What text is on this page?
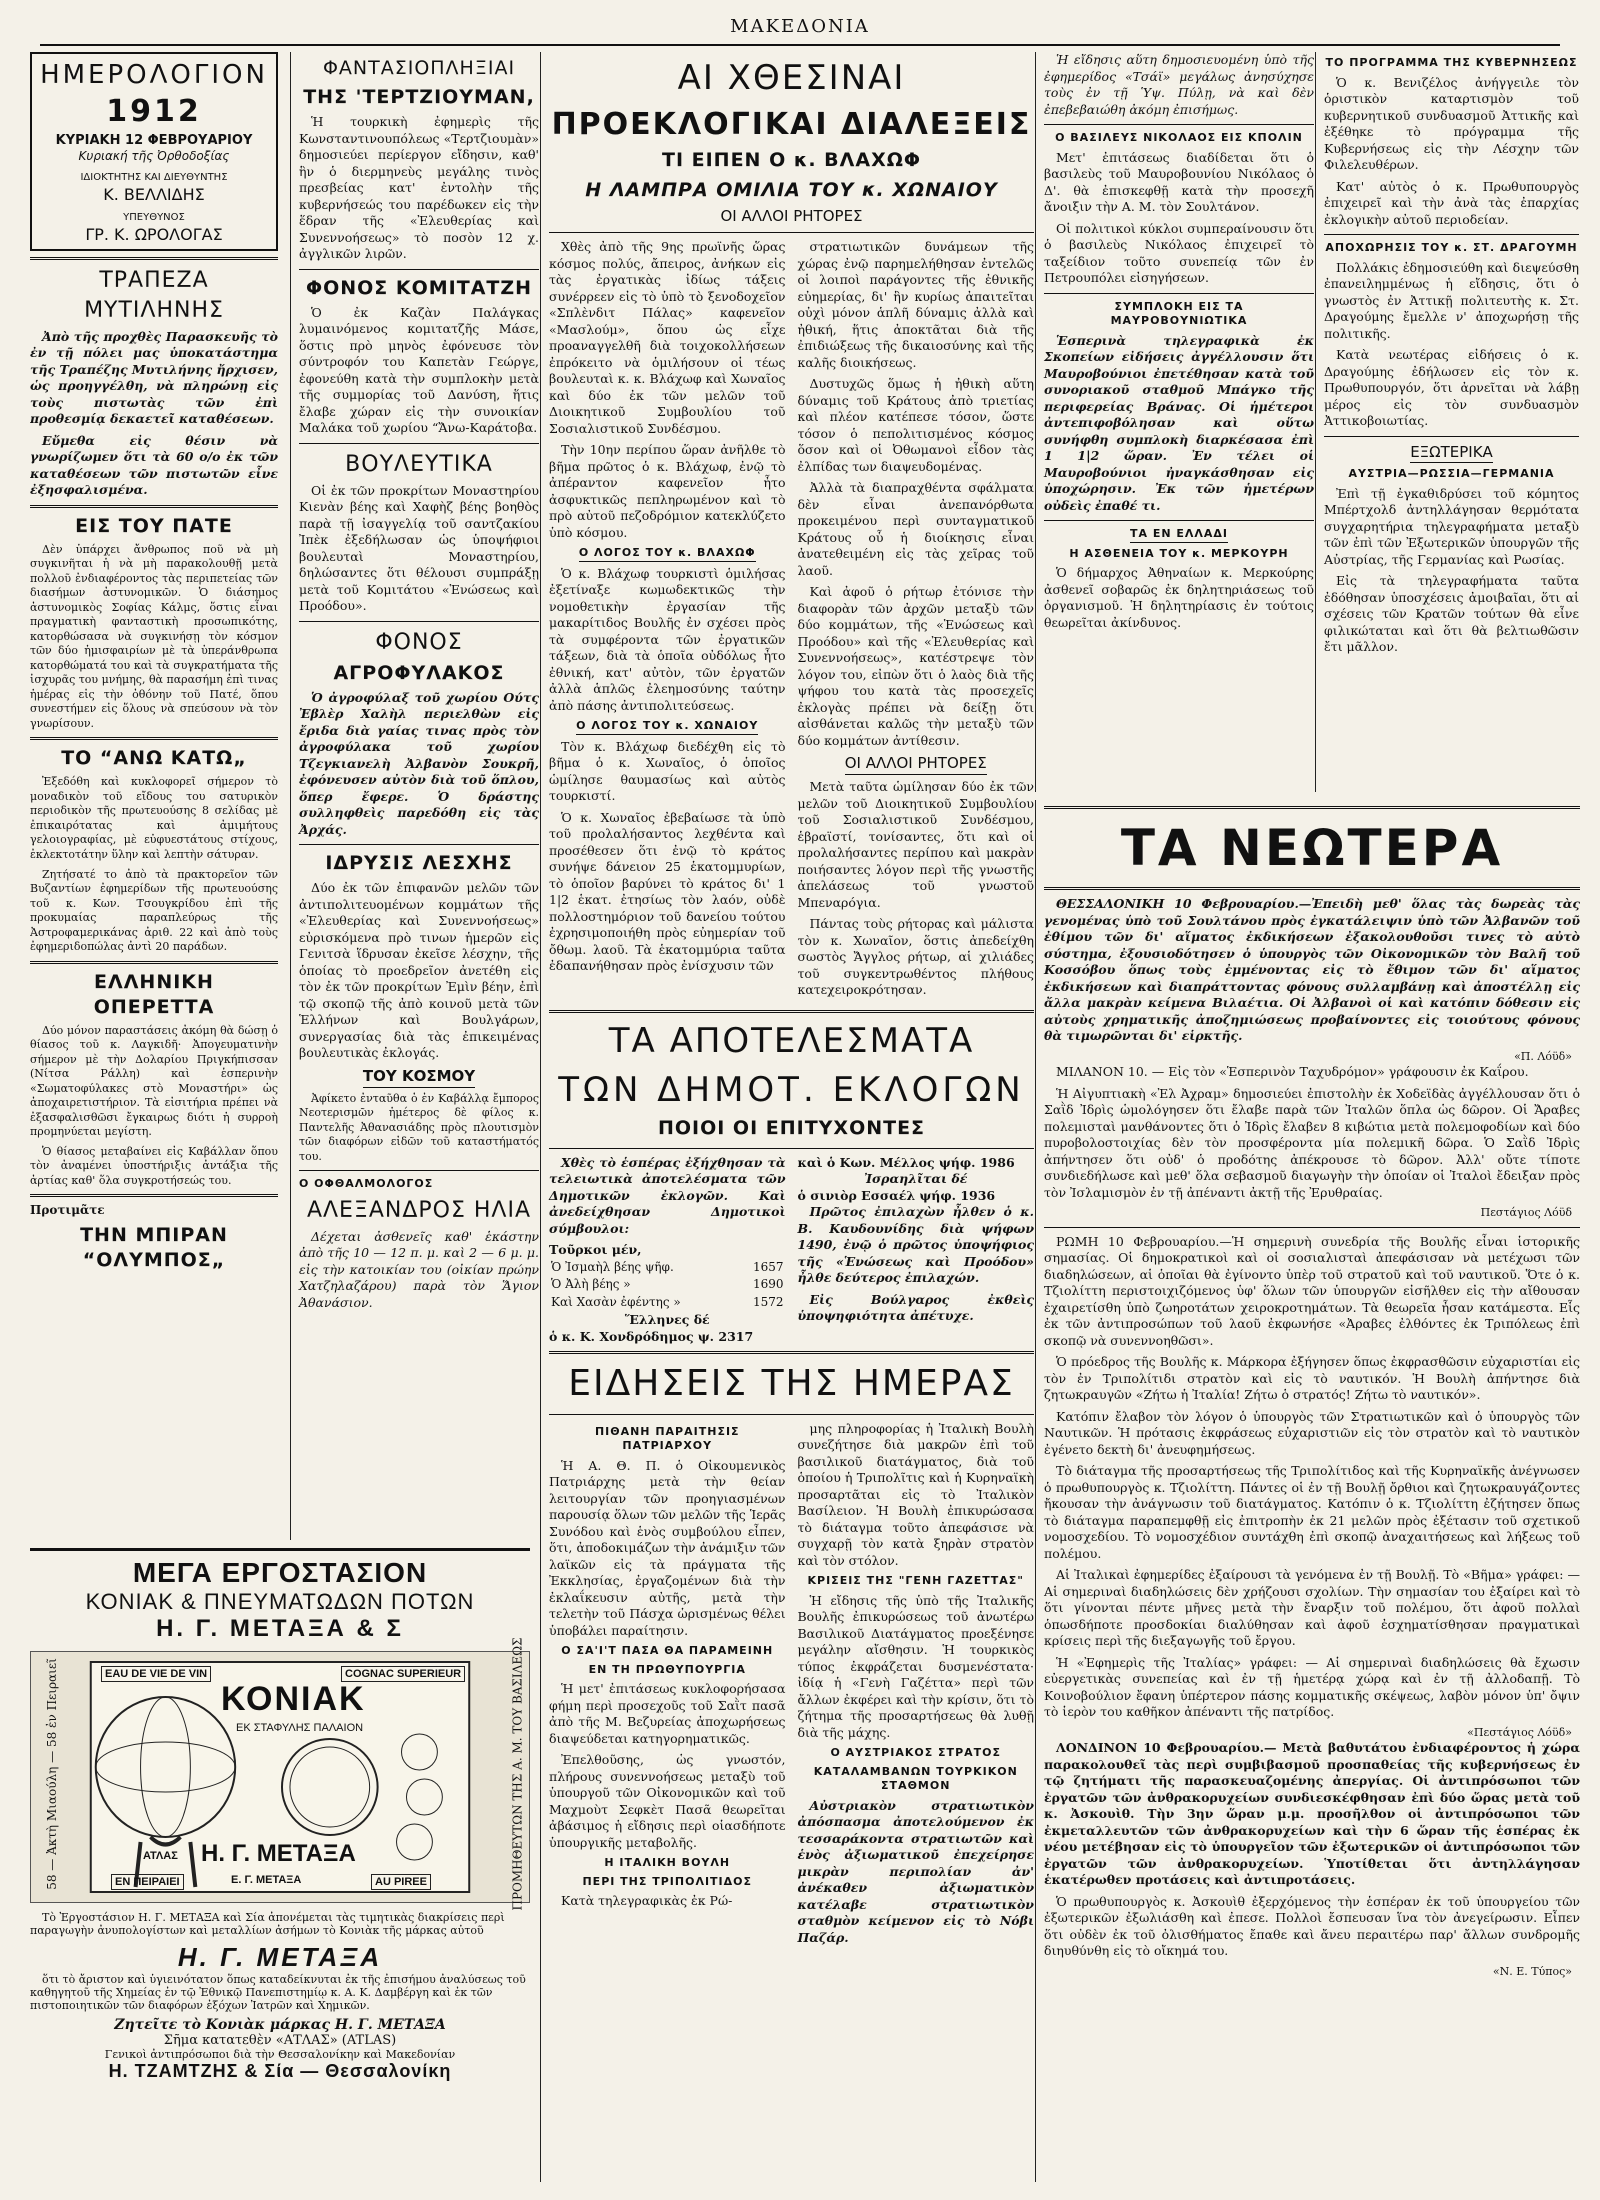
ΜΑΚΕΔΟΝΙΑ
ΗΜΕΡΟΛΟΓΙΟΝ
1912
ΚΥΡΙΑΚΗ 12 ΦΕΒΡΟΥΑΡΙΟΥ
Κυριακή τῆς Ὀρθοδοξίας
ΙΔΙΟΚΤΗΤΗΣ ΚΑΙ ΔΙΕΥΘΥΝΤΗΣ
Κ. ΒΕΛΛΙΔΗΣ
ΥΠΕΥΘΥΝΟΣ
ΓΡ. Κ. ΩΡΟΛΟΓΑΣ
ΤΡΑΠΕΖΑ ΜΥΤΙΛΗΝΗΣ

Ἀπὸ τῆς προχθὲς Παρασκευῆς τὸ ἐν τῇ πόλει μας ὑποκατάστημα τῆς Τραπέζης Μυτιλήνης ἤρχισεν, ὡς προηγγέλθη, νὰ πληρώνῃ εἰς τοὺς πιστωτὰς τῶν ἐπὶ προθεσμίᾳ δεκαετεῖ καταθέσεων.

Εὔμεθα εἰς θέσιν νὰ γνωρίζωμεν ὅτι τὰ 60 ο/ο ἐκ τῶν καταθέσεων τῶν πιστωτῶν εἶνε ἐξησφαλισμένα.

ΕΙΣ ΤΟΥ ΠΑΤΕ

Δὲν ὑπάρχει ἄνθρωπος ποῦ νὰ μὴ συγκινῆται ἡ νὰ μὴ παρακολουθῇ μετὰ πολλοῦ ἐνδιαφέροντος τὰς περιπετείας τῶν διασήμων ἀστυνομικῶν. Ὁ διάσημος ἀστυνομικὸς Σοφίας Κάλμς, ὅστις εἶναι πραγματικὴ φανταστικὴ προσωπικότης, κατορθώσασα νὰ συγκινήσῃ τὸν κόσμον τῶν δύο ἡμισφαιρίων μὲ τὰ ὑπεράνθρωπα κατορθώματά του καὶ τὰ συγκρατήματα τῆς ἰσχυρᾶς του μνήμης, θὰ παρασήμη ἐπὶ τινας ἡμέρας εἰς τὴν ὀθόνην τοῦ Πατέ, ὅπου συνεστήμεν εἰς ὅλους νὰ σπεύσουν νὰ τὸν γνωρίσουν.

ΤΟ “ΑΝΩ ΚΑΤΩ„

Ἐξεδόθη καὶ κυκλοφορεῖ σήμερον τὸ μοναδικὸν τοῦ εἴδους του σατυρικὸν περιοδικὸν τῆς πρωτευούσης 8 σελίδας μὲ ἐπικαιρότατας καὶ ἀμιμήτους γελοιογραφίας, μὲ εὐφυεστάτους στίχους, ἐκλεκτοτάτην ὕλην καὶ λεπτὴν σάτυραν.

Ζητήσατέ το ἀπὸ τὰ πρακτορεῖον τῶν Βυζαντίων ἐφημερίδων τῆς πρωτευούσης τοῦ κ. Κων. Τσουγκρίδου ἐπὶ τῆς προκυμαίας παραπλεύρως τῆς Ἀστροφαμερικάνας ἀριθ. 22 καὶ ἀπὸ τοὺς ἐφημεριδοπώλας ἀντὶ 20 παράδων.

ΕΛΛΗΝΙΚΗ ΟΠΕΡΕΤΤΑ

Δύο μόνον παραστάσεις ἀκόμη θὰ δώσῃ ὁ θίασος τοῦ κ. Λαγκιδῆ· Ἀπογευματινὴν σήμερον μὲ τὴν Δολαρίου Πριγκήπισσαν (Νίτσα Ράλλη) καὶ ἑσπερινὴν «Σωματοφύλακες στὸ Μοναστήρι» ὡς ἀποχαιρετιστήριον. Τὰ εἰσιτήρια πρέπει νὰ ἐξασφαλισθῶσι ἔγκαιρως διότι ἡ συρροὴ προμηνύεται μεγίστη.

Ὁ θίασος μεταβαίνει εἰς Καβάλλαν ὅπου τὸν ἀναμένει ὑποστήριξις ἀντάξια τῆς ἀρτίας καθ' ὅλα συγκροτήσεώς του.

Προτιμᾶτε
ΤΗΝ ΜΠΙΡΑΝ “ΟΛΥΜΠΟΣ„
ΦΑΝΤΑΣΙΟΠΛΗΞΙΑΙ
ΤΗΣ 'ΤΕΡΤΖΙΟΥΜΑΝ,

Ἡ τουρκικὴ ἐφημερὶς τῆς Κωνσταντινουπόλεως «Τερτζιουμὰν» δημοσιεύει περίεργον εἴδησιν, καθ' ἣν ὁ διερμηνεὺς μεγάλης τινὸς πρεσβείας κατ' ἐντολὴν τῆς κυβερνήσεώς του παρέδωκεν εἰς τὴν ἕδραν τῆς «Ἐλευθερίας καὶ Συνεννοήσεως» τὸ ποσὸν 12 χ. ἀγγλικῶν λιρῶν.

ΦΟΝΟΣ ΚΟΜΙΤΑΤΖΗ

Ὁ ἐκ Καζὰν Παλάγκας λυμαινόμενος κομιτατζῆς Μάσε, ὅστις πρὸ μηνὸς ἐφόνευσε τὸν σύντροφόν του Καπετὰν Γεώργε, ἐφονεύθη κατὰ τὴν συμπλοκὴν μετὰ τῆς συμμορίας τοῦ Δανύση, ἥτις ἔλαβε χώραν εἰς τὴν συνοικίαν Μαλάκα τοῦ χωρίου “Ἄνω-Καράτοβα.

ΒΟΥΛΕΥΤΙΚΑ

Οἱ ἐκ τῶν προκρίτων Μοναστηρίου Κιενὰν βέης καὶ Χαφὴζ βέης βοηθὸς παρὰ τῇ ἰσαγγελίᾳ τοῦ σαντζακίου Ἰπὲκ ἐξεδήλωσαν ὡς ὑποψήφιοι βουλευταὶ Μοναστηρίου, δηλώσαντες ὅτι θέλουσι συμπράξῃ μετὰ τοῦ Κομιτάτου «Ἑνώσεως καὶ Προόδου».

ΦΟΝΟΣ
ΑΓΡΟΦΥΛΑΚΟΣ

Ὁ ἀγροφύλαξ τοῦ χωρίου Ούτς Ἐβλὲρ Χαλὴλ περιελθὼν εἰς ἔριδα διὰ γαίας τινας πρὸς τὸν ἀγροφύλακα τοῦ χωρίου Τζεγκιανελὴ Ἀλβανὸν Σουκρῆ, ἐφόνευσεν αὐτὸν διὰ τοῦ ὅπλου, ὅπερ ἔφερε. Ὁ δράστης συλληφθεὶς παρεδόθη εἰς τὰς Ἀρχάς.

ΙΔΡΥΣΙΣ ΛΕΣΧΗΣ

Δύο ἐκ τῶν ἐπιφανῶν μελῶν τῶν ἀντιπολιτευομένων κομμάτων τῆς «Ἐλευθερίας καὶ Συνεννοήσεως» εὐρισκόμενα πρὸ τινων ἡμερῶν εἰς Γενιτσὰ ἵδρυσαν ἐκεῖσε λέσχην, τῆς ὁποίας τὸ προεδρεῖον ἀνετέθη εἰς τὸν ἐκ τῶν προκρίτων Ἐμὶν βέην, ἐπὶ τῷ σκοπῷ τῆς ἀπὸ κοινοῦ μετὰ τῶν Ἑλλήνων καὶ Βουλγάρων, συνεργασίας διὰ τὰς ἐπικειμένας βουλευτικὰς ἐκλογάς.

ΤΟΥ ΚΟΣΜΟΥ

Ἀφίκετο ἐνταῦθα ὁ ἐν Καβάλλᾳ ἔμπορος Νεοτερισμῶν ἡμέτερος δὲ φίλος κ. Παντελῆς Ἀθανασιάδης πρὸς πλουτισμὸν τῶν διαφόρων εἰδῶν τοῦ καταστήματός του.

Ο ΟΦΘΑΛΜΟΛΟΓΟΣ
ΑΛΕΞΑΝΔΡΟΣ ΗΛΙΑ

Δέχεται ἀσθενεῖς καθ' ἑκάστην ἀπὸ τῆς 10 — 12 π. μ. καὶ 2 — 6 μ. μ. εἰς τὴν κατοικίαν του (οἰκίαν πρώην Χατζηλαζάρου) παρὰ τὸν Ἅγιον Ἀθανάσιον.

ΜΕΓΑ ΕΡΓΟΣΤΑΣΙΟΝ
ΚΟΝΙΑΚ & ΠΝΕΥΜΑΤΩΔΩΝ ΠΟΤΩΝ
Η. Γ. ΜΕΤΑΞΑ & Σ
EAU DE VIE DE VIN	COGNAC SUPERIEUR
ΚΟΝΙΑΚ
ΕΚ ΣΤΑΦΥΛΗΣ ΠΑΛΑΙΟΝ
ΑΤΛΑΣ Η. Γ. ΜΕΤΑΞΑ
ΕΝ ΠΕΙΡΑΙΕΙ	Ε. Γ. ΜΕΤΑΞΑ	AU PIREE
58 — Ἀκτὴ Μιαούλη — 58 ἐν Πειραιεῖ	ΠΡΟΜΗΘΕΥΤΩΝ ΤΗΣ Α. Μ. ΤΟΥ ΒΑΣΙΛΕΩΣ

Τὸ Ἐργοστάσιον Η. Γ. ΜΕΤΑΞΑ καὶ Σία ἀπονέμεται τὰς τιμητικὰς διακρίσεις περὶ παραγωγὴν ἀνυπολογίστων καὶ μεταλλίων ἀσήμων τὸ Κονιὰκ τῆς μάρκας αὐτοῦ

Η. Γ. ΜΕΤΑΞΑ

ὅτι τὸ ἄριστον καὶ ὑγιεινότατον ὅπως καταδείκνυται ἐκ τῆς ἐπισήμου ἀναλύσεως τοῦ καθηγητοῦ τῆς Χημείας ἐν τῷ Ἐθνικῷ Πανεπιστημίῳ κ. Α. Κ. Δαμβέργη καὶ ἐκ τῶν πιστοποιητικῶν τῶν διαφόρων ἐξόχων Ἰατρῶν καὶ Χημικῶν.

Ζητεῖτε τὸ Κονιὰκ μάρκας Η. Γ. ΜΕΤΑΞΑ
Σῆμα κατατεθὲν «ΑΤΛΑΣ» (ATLAS)
Γενικοὶ ἀντιπρόσωποι διὰ τὴν Θεσσαλονίκην καὶ Μακεδονίαν
Η. ΤΖΑΜΤΖΗΣ & Σία — Θεσσαλονίκη
ΑΙ ΧΘΕΣΙΝΑΙ
ΠΡΟΕΚΛΟΓΙΚΑΙ ΔΙΑΛΕΞΕΙΣ
ΤΙ ΕΙΠΕΝ Ο κ. ΒΛΑΧΩΦ
Η ΛΑΜΠΡΑ ΟΜΙΛΙΑ ΤΟΥ κ. ΧΩΝΑΙΟΥ
ΟΙ ΑΛΛΟΙ ΡΗΤΟΡΕΣ

Χθὲς ἀπὸ τῆς 9ης πρωϊνῆς ὥρας κόσμος πολύς, ἄπειρος, ἀνήκων εἰς τὰς ἐργατικὰς ἰδίως τάξεις συνέρρεεν εἰς τὸ ὑπὸ τὸ ξενοδοχεῖον «Σπλὲνδιτ Πάλας» καφενεῖον «Μασλούμ», ὅπου ὡς εἶχε προαναγγελθῆ διὰ τοιχοκολλήσεων ἐπρόκειτο νὰ ὁμιλήσουν οἱ τέως βουλευταὶ κ. κ. Βλάχωφ καὶ Χωναῖος καὶ δύο ἐκ τῶν μελῶν τοῦ Διοικητικοῦ Συμβουλίου τοῦ Σοσιαλιστικοῦ Συνδέσμου.

Τὴν 10ην περίπου ὥραν ἀνῆλθε τὸ βῆμα πρῶτος ὁ κ. Βλάχωφ, ἐνῷ τὸ ἀπέραντον καφενεῖον ἦτο ἀσφυκτικῶς πεπληρωμένον καὶ τὸ πρὸ αὐτοῦ πεζοδρόμιον κατεκλύζετο ὑπὸ κόσμου.

Ο ΛΟΓΟΣ ΤΟΥ κ. ΒΛΑΧΩΦ

Ὁ κ. Βλάχωφ τουρκιστὶ ὁμιλήσας ἐξετίναξε κωμωδεκτικῶς τὴν νομοθετικὴν ἐργασίαν τῆς μακαρίτιδος Βουλῆς ἐν σχέσει πρὸς τὰ συμφέροντα τῶν ἐργατικῶν τάξεων, διὰ τὰ ὁποῖα οὐδόλως ἦτο ἐθνική, κατ' αὐτὸν, τῶν ἐργατῶν ἀλλὰ ἁπλῶς ἐλεημοσύνης ταύτην ἀπὸ πάσης ἀντιπολιτεύσεως.

Ο ΛΟΓΟΣ ΤΟΥ κ. ΧΩΝΑΙΟΥ

Τὸν κ. Βλάχωφ διεδέχθη εἰς τὸ βῆμα ὁ κ. Χωναῖος, ὁ ὁποῖος ὡμίλησε θαυμασίως καὶ αὐτὸς τουρκιστί.

Ὁ κ. Χωναῖος ἐβεβαίωσε τὰ ὑπὸ τοῦ προλαλήσαντος λεχθέντα καὶ προσέθεσεν ὅτι ἐνῷ τὸ κράτος συνήψε δάνειον 25 ἑκατομμυρίων, τὸ ὁποῖον βαρύνει τὸ κράτος δι' 1 1|2 ἑκατ. ἐτησίως τὸν λαόν, οὐδὲ πολλοστημόριον τοῦ δανείου τούτου ἐχρησιμοποιήθη πρὸς εὐημερίαν τοῦ ὄθωμ. λαοῦ. Τὰ ἑκατομμύρια ταῦτα ἐδαπανήθησαν πρὸς ἐνίσχυσιν τῶν

στρατιωτικῶν δυνάμεων τῆς χώρας ἐνῷ παρημελήθησαν ἐντελῶς οἱ λοιποὶ παράγοντες τῆς ἐθνικῆς εὐημερίας, δι' ἣν κυρίως ἀπαιτεῖται οὐχὶ μόνον ἁπλῆ δύναμις ἀλλὰ καὶ ἠθική, ἥτις ἀποκτᾶται διὰ τῆς ἐπιδιώξεως τῆς δικαιοσύνης καὶ τῆς καλῆς διοικήσεως.

Δυστυχῶς ὅμως ἡ ἠθικὴ αὕτη δύναμις τοῦ Κράτους ἀπὸ τριετίας καὶ πλέον κατέπεσε τόσον, ὥστε τόσον ὁ πεπολιτισμένος κόσμος ὅσον καὶ οἱ Ὀθωμανοὶ εἶδον τὰς ἐλπίδας των διαψευδομένας.

Ἀλλὰ τὰ διαπραχθέντα σφάλματα δὲν εἶναι ἀνεπανόρθωτα προκειμένου περὶ συνταγματικοῦ Κράτους οὗ ἡ διοίκησις εἶναι ἀνατεθειμένη εἰς τὰς χεῖρας τοῦ λαοῦ.

Καὶ ἀφοῦ ὁ ρήτωρ ἐτόνισε τὴν διαφορὰν τῶν ἀρχῶν μεταξὺ τῶν δύο κομμάτων, τῆς «Ἑνώσεως καὶ Προόδου» καὶ τῆς «Ἐλευθερίας καὶ Συνεννοήσεως», κατέστρεψε τὸν λόγον του, εἰπὼν ὅτι ὁ λαὸς διὰ τῆς ψήφου του κατὰ τὰς προσεχεῖς ἐκλογὰς πρέπει νὰ δείξῃ ὅτι αἰσθάνεται καλῶς τὴν μεταξὺ τῶν δύο κομμάτων ἀντίθεσιν.

ΟΙ ΑΛΛΟΙ ΡΗΤΟΡΕΣ

Μετὰ ταῦτα ὡμίλησαν δύο ἐκ τῶν μελῶν τοῦ Διοικητικοῦ Συμβουλίου τοῦ Σοσιαλιστικοῦ Συνδέσμου, ἑβραϊστί, τονίσαντες, ὅτι καὶ οἱ προλαλήσαντες περίπου καὶ μακρὰν ποιήσαντες λόγον περὶ τῆς γνωστῆς ἀπελάσεως τοῦ γνωστοῦ Μπεναρόγια.

Πάντας τοὺς ρήτορας καὶ μάλιστα τὸν κ. Χωναῖον, ὅστις ἀπεδείχθη σωστὸς Ἄγγλος ρήτωρ, αἱ χιλιάδες τοῦ συγκεντρωθέντος πλήθους κατεχειροκρότησαν.

ΤΑ ΑΠΟΤΕΛΕΣΜΑΤΑ
ΤΩΝ ΔΗΜΟΤ. ΕΚΛΟΓΩΝ
ΠΟΙΟΙ ΟΙ ΕΠΙΤΥΧΟΝΤΕΣ

Χθὲς τὸ ἑσπέρας ἐξήχθησαν τὰ τελειωτικὰ ἀποτελέσματα τῶν Δημοτικῶν ἐκλογῶν. Καὶ ἀνεδείχθησαν Δημοτικοὶ σύμβουλοι:

Τοῦρκοι μέν,
Ὁ Ἰσμαὴλ βέης ψῆφ.	1657
Ὁ Ἀλὴ βέης »	1690
Καὶ Χασὰν ἐφέντης »	1572
Ἕλληνες δέ
ὁ κ. Κ. Χονδρόδημος ψ. 2317
καὶ ὁ Κων. Μέλλος ψήφ. 1986
Ἰσραηλῖται δέ
ὁ σινιὸρ Εσσαέλ ψήφ. 1936

Πρῶτος ἐπιλαχὼν ἦλθεν ὁ κ. Β. Καυδουνίδης διὰ ψήφων 1490, ἐνῷ ὁ πρῶτος ὑποψήφιος τῆς «Ἑνώσεως καὶ Προόδου» ἦλθε δεύτερος ἐπιλαχών.

Εἰς Βούλγαρος ἐκθεὶς ὑποψηφιότητα ἀπέτυχε.

ΕΙΔΗΣΕΙΣ ΤΗΣ ΗΜΕΡΑΣ
ΠΙΘΑΝΗ ΠΑΡΑΙΤΗΣΙΣ ΠΑΤΡΙΑΡΧΟΥ

Ἡ Α. Θ. Π. ὁ Οἰκουμενικὸς Πατριάρχης μετὰ τὴν θείαν λειτουργίαν τῶν προηγιασμένων παρουσίᾳ ὅλων τῶν μελῶν τῆς Ἱερᾶς Συνόδου καὶ ἑνὸς συμβούλου εἶπεν, ὅτι, ἀποδοκιμάζων τὴν ἀνάμιξιν τῶν λαϊκῶν εἰς τὰ πράγματα τῆς Ἐκκλησίας, ἐργαζομένων διὰ τὴν ἐκλαΐκευσιν αὐτῆς, μετὰ τὴν τελετὴν τοῦ Πάσχα ὡρισμένως θέλει ὑποβάλει παραίτησιν.

Ο ΣΑ'Ι'Τ ΠΑΣΑ ΘΑ ΠΑΡΑΜΕΙΝΗ
ΕΝ ΤΗ ΠΡΩΘΥΠΟΥΡΓΙΑ

Ἡ μετ' ἐπιτάσεως κυκλοφορήσασα φήμη περὶ προσεχοῦς τοῦ Σαῒτ πασᾶ ἀπὸ τῆς Μ. Βεζυρείας ἀποχωρήσεως διαψεύδεται κατηγορηματικῶς.

Ἐπελθοῦσης, ὡς γνωστόν, πλήρους συνεννοήσεως μεταξὺ τοῦ ὑπουργοῦ τῶν Οἰκονομικῶν καὶ τοῦ Μαχμοὺτ Σεφκὲτ Πασᾶ θεωρεῖται ἀβάσιμος ἡ εἴδησις περὶ οἱασδήποτε ὑπουργικῆς μεταβολῆς.

Η ΙΤΑΛΙΚΗ ΒΟΥΛΗ
ΠΕΡΙ ΤΗΣ ΤΡΙΠΟΛΙΤΙΔΟΣ

Κατὰ τηλεγραφικὰς ἐκ Ρώ-

μης πληροφορίας ἡ Ἰταλικὴ Βουλὴ συνεζήτησε διὰ μακρῶν ἐπὶ τοῦ βασιλικοῦ διατάγματος, διὰ τοῦ ὁποίου ἡ Τριπολῖτις καὶ ἡ Κυρηναϊκὴ προσαρτᾶται εἰς τὸ Ἰταλικὸν Βασίλειον. Ἡ Βουλὴ ἐπικυρώσασα τὸ διάταγμα τοῦτο ἀπεφάσισε νὰ συγχαρῇ τὸν κατὰ ξηρὰν στρατὸν καὶ τὸν στόλον.

ΚΡΙΣΕΙΣ ΤΗΣ "ΓΕΝΗ ΓΑΖΕΤΤΑΣ"

Ἡ εἴδησις τῆς ὑπὸ τῆς Ἰταλικῆς Βουλῆς ἐπικυρώσεως τοῦ ἀνωτέρω Βασιλικοῦ Διατάγματος προεξένησε μεγάλην αἴσθησιν. Ἡ τουρκικὸς τύπος ἐκφράζεται δυσμενέστατα· ἰδίᾳ ἡ «Γενὴ Γαζέττα» περὶ τῶν ἄλλων ἐκφέρει καὶ τὴν κρίσιν, ὅτι τὸ ζήτημα τῆς προσαρτήσεως θὰ λυθῇ διὰ τῆς μάχης.

Ο ΑΥΣΤΡΙΑΚΟΣ ΣΤΡΑΤΟΣ
ΚΑΤΑΛΑΜΒΑΝΩΝ ΤΟΥΡΚΙΚΟΝ ΣΤΑΘΜΟΝ

Αὐστριακὸν στρατιωτικὸν ἀπόσπασμα ἀποτελούμενον ἐκ τεσσαράκοντα στρατιωτῶν καὶ ἑνὸς ἀξιωματικοῦ ἐπεχείρησε μικρὰν περιπολίαν ἀν' ἀνέκαθεν ἀξιωματικὸν κατέλαβε στρατιωτικὸν σταθμὸν κείμενον εἰς τὸ Νόβι Παζάρ.

Ἡ εἴδησις αὕτη δημοσιευομένη ὑπὸ τῆς ἐφημερίδος «Τσάϊ» μεγάλως ἀνησύχησε τοὺς ἐν τῇ Ὑψ. Πύλῃ, νὰ καὶ δὲν ἐπεβεβαιώθη ἀκόμη ἐπισήμως.

Ο ΒΑΣΙΛΕΥΣ ΝΙΚΟΛΑΟΣ ΕΙΣ ΚΠΟΛΙΝ

Μετ' ἐπιτάσεως διαδίδεται ὅτι ὁ βασιλεὺς τοῦ Μαυροβουνίου Νικόλαος ὁ Δ'. θὰ ἐπισκεφθῇ κατὰ τὴν προσεχῆ ἄνοιξιν τὴν Α. Μ. τὸν Σουλτάνον.

Οἱ πολιτικοὶ κύκλοι συμπεραίνουσιν ὅτι ὁ βασιλεὺς Νικόλαος ἐπιχειρεῖ τὸ ταξείδιον τοῦτο συνεπείᾳ τῶν ἐν Πετρουπόλει εἰσηγήσεων.

ΣΥΜΠΛΟΚΗ ΕΙΣ ΤΑ ΜΑΥΡΟΒΟΥΝΙΩΤΙΚΑ

Ἑσπερινὰ τηλεγραφικὰ ἐκ Σκοπείων εἰδήσεις ἀγγέλλουσιν ὅτι Μαυροβούνιοι ἐπετέθησαν κατὰ τοῦ συνοριακοῦ σταθμοῦ Μπάγκο τῆς περιφερείας Βράνας. Οἱ ἡμέτεροι ἀντεπιφοβόλησαν καὶ οὕτω συνήφθη συμπλοκὴ διαρκέσασα ἐπὶ 1 1|2 ὥραν. Ἐν τέλει οἱ Μαυροβούνιοι ἠναγκάσθησαν εἰς ὑποχώρησιν. Ἐκ τῶν ἡμετέρων οὐδεὶς ἐπαθέ τι.

ΤΑ ΕΝ ΕΛΛΑΔΙ
Η ΑΣΘΕΝΕΙΑ ΤΟΥ κ. ΜΕΡΚΟΥΡΗ

Ὁ δήμαρχος Ἀθηναίων κ. Μερκούρης ἀσθενεῖ σοβαρῶς ἐκ δηλητηριάσεως τοῦ ὀργανισμοῦ. Ἡ δηλητηρίασις ἐν τούτοις θεωρεῖται ἀκίνδυνος.

ΤΟ ΠΡΟΓΡΑΜΜΑ ΤΗΣ ΚΥΒΕΡΝΗΣΕΩΣ

Ὁ κ. Βενιζέλος ἀνήγγειλε τὸν ὁριστικὸν καταρτισμὸν τοῦ κυβερνητικοῦ συνδυασμοῦ Ἀττικῆς καὶ ἐξέθηκε τὸ πρόγραμμα τῆς Κυβερνήσεως εἰς τὴν Λέσχην τῶν Φιλελευθέρων.

Κατ' αὐτὸς ὁ κ. Πρωθυπουργὸς ἐπιχειρεῖ καὶ τὴν ἀνὰ τὰς ἐπαρχίας ἐκλογικὴν αὐτοῦ περιοδείαν.

ΑΠΟΧΩΡΗΣΙΣ ΤΟΥ κ. ΣΤ. ΔΡΑΓΟΥΜΗ

Πολλάκις ἐδημοσιεύθη καὶ διεψεύσθη ἐπανειλημμένως ἡ εἴδησις, ὅτι ὁ γνωστὸς ἐν Ἀττικῇ πολιτευτὴς κ. Στ. Δραγούμης ἔμελλε ν' ἀποχωρήσῃ τῆς πολιτικῆς.

Κατὰ νεωτέρας εἰδήσεις ὁ κ. Δραγούμης ἐδήλωσεν εἰς τὸν κ. Πρωθυπουργόν, ὅτι ἀρνεῖται νὰ λάβῃ μέρος εἰς τὸν συνδυασμὸν Ἀττικοβοιωτίας.

ΕΞΩΤΕΡΙΚΑ
ΑΥΣΤΡΙΑ—ΡΩΣΣΙΑ—ΓΕΡΜΑΝΙΑ

Ἐπὶ τῇ ἐγκαθιδρύσει τοῦ κόμητος Μπέρτχολδ ἀντηλλάγησαν θερμότατα συγχαρητήρια τηλεγραφήματα μεταξὺ τῶν ἐπὶ τῶν Ἐξωτερικῶν ὑπουργῶν τῆς Αὐστρίας, τῆς Γερμανίας καὶ Ρωσίας.

Εἰς τὰ τηλεγραφήματα ταῦτα ἐδόθησαν ὑποσχέσεις ἀμοιβαῖαι, ὅτι αἱ σχέσεις τῶν Κρατῶν τούτων θὰ εἶνε φιλικώταται καὶ ὅτι θὰ βελτιωθῶσιν ἔτι μᾶλλον.

ΤΑ ΝΕΩΤΕΡΑ

ΘΕΣΣΑΛΟΝΙΚΗ 10 Φεβρουαρίου.—Ἐπειδὴ μεθ' ὅλας τὰς δωρεὰς τὰς γενομένας ὑπὸ τοῦ Σουλτάνου πρὸς ἐγκατάλειψιν ὑπὸ τῶν Ἀλβανῶν τοῦ ἐθίμου τῶν δι' αἵματος ἐκδικήσεων ἐξακολουθοῦσι τινες τὸ αὐτὸ σύστημα, ἐξουσιοδότησεν ὁ ὑπουργὸς τῶν Οἰκονομικῶν τὸν Βαλῆ τοῦ Κοσσόβου ὅπως τοὺς ἐμμένοντας εἰς τὸ ἔθιμον τῶν δι' αἵματος ἐκδικήσεων καὶ διαπράττοντας φόνους συλλαμβάνῃ καὶ ἀποστέλλῃ εἰς ἄλλα μακρὰν κείμενα Βιλαέτια. Οἱ Ἀλβανοὶ οἱ καὶ κατόπιν δόθεσιν εἰς αὐτοὺς χρηματικῆς ἀποζημιώσεως προβαίνοντες εἰς τοιούτους φόνους θὰ τιμωρῶνται δι' εἱρκτῆς.

«Π. Λόϋδ»

ΜΙΛΑΝΟΝ 10. — Εἰς τὸν «Ἑσπερινὸν Ταχυδρόμον» γράφουσιν ἐκ Καΐρου.

Ἡ Αἰγυπτιακὴ «Ἐλ Ἀχραμ» δημοσιεύει ἐπιστολὴν ἐκ Χοδεϊδὰς ἀγγέλλουσαν ὅτι ὁ Σαῒδ Ἰδρὶς ὡμολόγησεν ὅτι ἔλαβε παρὰ τῶν Ἰταλῶν ὅπλα ὡς δῶρον. Οἱ Ἄραβες πολεμισταὶ μανθάνοντες ὅτι ὁ Ἰδρὶς ἔλαβεν 8 κιβώτια μετὰ πολεμοφοδίων καὶ δύο πυροβολοστοιχίας δὲν τὸν προσφέροντα μία πολεμικῆ δῶρα. Ὁ Σαῒδ Ἰδρὶς ἀπήντησεν ὅτι οὐδ' ὁ προδότης ἀπέκρουσε τὸ δῶρον. Ἀλλ' οὔτε τίποτε συνδιεδήλωσε καὶ μεθ' ὅλα σεβασμοῦ διαγωγὴν τὴν ὁποίαν οἱ Ἰταλοὶ ἔδειξαν πρὸς τὸν Ἰσλαμισμὸν ἐν τῇ ἀπέναντι ἀκτῇ τῆς Ἐρυθραίας.

Πεστάγιος Λόϋδ

ΡΩΜΗ 10 Φεβρουαρίου.—Ἡ σημερινὴ συνεδρία τῆς Βουλῆς εἶναι ἱστορικῆς σημασίας. Οἱ δημοκρατικοὶ καὶ οἱ σοσιαλισταὶ ἀπεφάσισαν νὰ μετέχωσι τῶν διαδηλώσεων, αἱ ὁποῖαι θὰ ἐγίνοντο ὑπὲρ τοῦ στρατοῦ καὶ τοῦ ναυτικοῦ. Ὅτε ὁ κ. Τζιολίττη περιστοιχιζόμενος ὑφ' ὅλων τῶν ὑπουργῶν εἰσῆλθεν εἰς τὴν αἴθουσαν ἐχαιρετίσθη ὑπὸ ζωηροτάτων χειροκροτημάτων. Τὰ θεωρεῖα ἦσαν κατάμεστα. Εἷς ἐκ τῶν ἀντιπροσώπων τοῦ λαοῦ ἐκφωνήσε «Ἀραβες ἐλθόντες ἐκ Τριπόλεως ἐπὶ σκοπῷ νὰ συνεννοηθῶσι».

Ὁ πρόεδρος τῆς Βουλῆς κ. Μάρκορα ἐξήγησεν ὅπως ἐκφρασθῶσιν εὐχαριστίαι εἰς τὸν ἐν Τριπολίτιδι στρατὸν καὶ εἰς τὸ ναυτικόν. Ἡ Βουλὴ ἀπήντησε διὰ ζητωκραυγῶν «Ζήτω ἡ Ἰταλία! Ζήτω ὁ στρατός! Ζήτω τὸ ναυτικόν».

Κατόπιν ἔλαβον τὸν λόγον ὁ ὑπουργὸς τῶν Στρατιωτικῶν καὶ ὁ ὑπουργὸς τῶν Ναυτικῶν. Ἡ πρότασις ἐκφράσεως εὐχαριστιῶν εἰς τὸν στρατὸν καὶ τὸ ναυτικὸν ἐγένετο δεκτὴ δι' ἀνευφημήσεως.

Τὸ διάταγμα τῆς προσαρτήσεως τῆς Τριπολίτιδος καὶ τῆς Κυρηναϊκῆς ἀνέγνωσεν ὁ πρωθυπουργὸς κ. Τζιολίττη. Πάντες οἱ ἐν τῇ Βουλῇ ὄρθιοι καὶ ζητωκραυγάζοντες ἤκουσαν τὴν ἀνάγνωσιν τοῦ διατάγματος. Κατόπιν ὁ κ. Τζιολίττη ἐζήτησεν ὅπως τὸ διάταγμα παραπεμφθῇ εἰς ἐπιτροπὴν ἐκ 21 μελῶν πρὸς ἐξέτασιν τοῦ σχετικοῦ νομοσχεδίου. Τὸ νομοσχέδιον συντάχθη ἐπὶ σκοπῷ ἀναχαιτήσεως καὶ λήξεως τοῦ πολέμου.

Αἱ Ἰταλικαὶ ἐφημερίδες ἐξαίρουσι τὰ γενόμενα ἐν τῇ Βουλῇ. Τὸ «Βῆμα» γράφει: — Αἱ σημεριναὶ διαδηλώσεις δὲν χρήζουσι σχολίων. Τὴν σημασίαν του ἐξαίρει καὶ τὸ ὅτι γίνονται πέντε μῆνες μετὰ τὴν ἔναρξιν τοῦ πολέμου, ὅτι ἀφοῦ πολλαὶ ὁπωσδήποτε προσδοκίαι διαλύθησαν καὶ ἀφοῦ ἐσχηματίσθησαν πραγματικαὶ κρίσεις περὶ τῆς διεξαγωγῆς τοῦ ἔργου.

Ἡ «Ἐφημερὶς τῆς Ἰταλίας» γράφει: — Αἱ σημεριναὶ διαδηλώσεις θὰ ἔχωσιν εὐεργετικὰς συνεπείας καὶ ἐν τῇ ἡμετέρᾳ χώρᾳ καὶ ἐν τῇ ἀλλοδαπῇ. Τὸ Κοινοβούλιον ἔφανη ὑπέρτερον πάσης κομματικῆς σκέψεως, λαβὸν μόνον ὑπ' ὄψιν τὸ ἱερὸν του καθῆκον ἀπέναντι τῆς πατρίδος.

«Πεστάγιος Λόϋδ»

ΛΟΝΔΙΝΟΝ 10 Φεβρουαρίου.— Μετὰ βαθυτάτου ἐνδιαφέροντος ἡ χώρα παρακολουθεῖ τὰς περὶ συμβιβασμοῦ προσπαθείας τῆς κυβερνήσεως ἐν τῷ ζητήματι τῆς παρασκευαζομένης ἀπεργίας. Οἱ ἀντιπρόσωποι τῶν ἐργατῶν τῶν ἀνθρακορυχείων συνδιεσκέφθησαν ἐπὶ δύο ὥρας μετὰ τοῦ κ. Ἀσκουὶθ. Τὴν 3ην ὥραν μ.μ. προσῆλθον οἱ ἀντιπρόσωποι τῶν ἐκμεταλλευτῶν τῶν ἀνθρακορυχείων καὶ τὴν 6 ὥραν τῆς ἑσπέρας ἐκ νέου μετέβησαν εἰς τὸ ὑπουργεῖον τῶν ἐξωτερικῶν οἱ ἀντιπρόσωποι τῶν ἐργατῶν τῶν ἀνθρακορυχείων. Ὑποτίθεται ὅτι ἀντηλλάγησαν ἑκατέρωθεν προτάσεις καὶ ἀντιπροτάσεις.

Ὁ πρωθυπουργὸς κ. Ἀσκουὶθ ἐξερχόμενος τὴν ἑσπέραν ἐκ τοῦ ὑπουργείου τῶν ἐξωτερικῶν ἐξωλιάσθη καὶ ἐπεσε. Πολλοὶ ἔσπευσαν ἵνα τὸν ἀνεγείρωσιν. Εἶπεν ὅτι οὐδὲν ἐκ τοῦ ὀλισθήματος ἔπαθε καὶ ἄνευ περαιτέρω παρ' ἄλλων συνδρομῆς διηυθύνθη εἰς τὸ οἴκημά του.

«Ν. Ε. Τύπος»
